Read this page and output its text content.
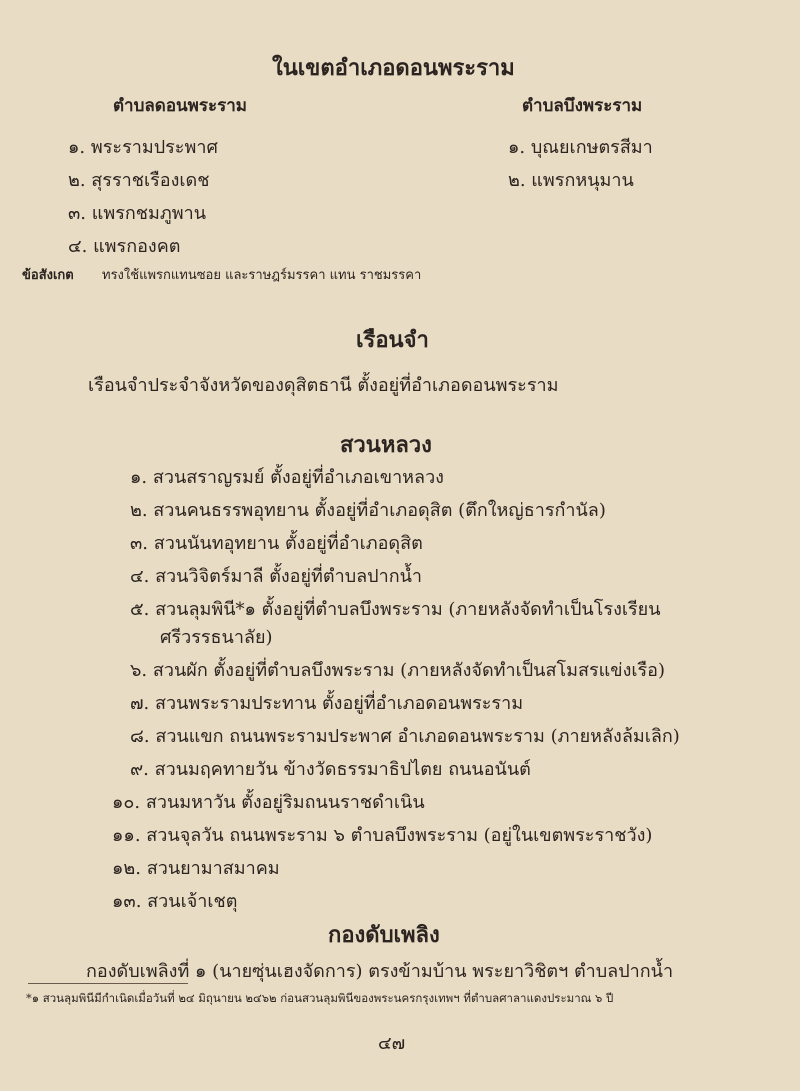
ในเขตอำเภอดอนพระราม
ตำบลดอนพระราม	ตำบลบึงพระราม
๑. พระรามประพาศ
๒. สุรราชเรืองเดช
๓. แพรกชมภูพาน
๔. แพรกองคต
๑. บุณยเกษตรสีมา
๒. แพรกหนุมาน
ข้อสังเกต ทรงใช้แพรกแทนซอย และราษฎร์มรรคา แทน ราชมรรคา
เรือนจำ
เรือนจำประจำจังหวัดของดุสิตธานี ตั้งอยู่ที่อำเภอดอนพระราม
สวนหลวง
๑. สวนสราญรมย์ ตั้งอยู่ที่อำเภอเขาหลวง
๒. สวนคนธรรพอุทยาน ตั้งอยู่ที่อำเภอดุสิต (ตึกใหญ่ธารกำนัล)
๓. สวนนันทอุทยาน ตั้งอยู่ที่อำเภอดุสิต
๔. สวนวิจิตร์มาลี ตั้งอยู่ที่ตำบลปากน้ำ
๕. สวนลุมพินี*๑ ตั้งอยู่ที่ตำบลบึงพระราม (ภายหลังจัดทำเป็นโรงเรียน
ศรีวรรธนาลัย)
๖. สวนผัก ตั้งอยู่ที่ตำบลบึงพระราม (ภายหลังจัดทำเป็นสโมสรแข่งเรือ)
๗. สวนพระรามประทาน ตั้งอยู่ที่อำเภอดอนพระราม
๘. สวนแขก ถนนพระรามประพาศ อำเภอดอนพระราม (ภายหลังล้มเลิก)
๙. สวนมฤคทายวัน ข้างวัดธรรมาธิปไตย ถนนอนันต์
๑๐. สวนมหาวัน ตั้งอยู่ริมถนนราชดำเนิน
๑๑. สวนจุลวัน ถนนพระราม ๖ ตำบลบึงพระราม (อยู่ในเขตพระราชวัง)
๑๒. สวนยามาสมาคม
๑๓. สวนเจ้าเชตุ
กองดับเพลิง
กองดับเพลิงที่ ๑ (นายซุ่นเฮงจัดการ) ตรงข้ามบ้าน พระยาวิชิตฯ ตำบลปากน้ำ
*๑ สวนลุมพินีมีกำเนิดเมื่อวันที่ ๒๔ มิถุนายน ๒๔๖๒ ก่อนสวนลุมพินีของพระนครกรุงเทพฯ ที่ตำบลศาลาแดงประมาณ ๖ ปี
๔๗
